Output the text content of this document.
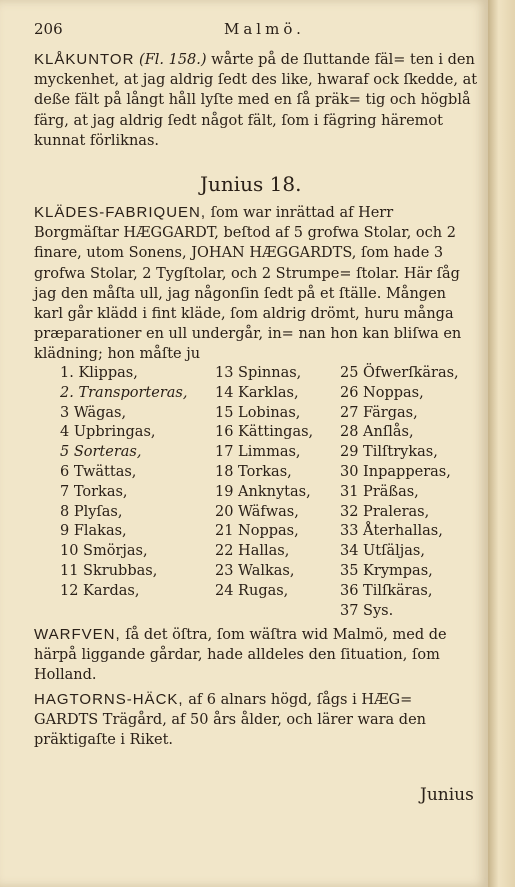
206	Malmö.
KLÅKUNTOR (Fl. 158.) wårte på de ſluttande fäl= ten i den myckenhet, at jag aldrig ſedt des like, hwaraf ock ſkedde, at deße fält på långt håll lyſte med en ſå präk= tig och högblå färg, at jag aldrig ſedt något fält, ſom i fägring häremot kunnat förliknas.
Junius 18.
KLÄDES-FABRIQUEN, ſom war inrättad af Herr Borgmäſtar HÆGGARDT, beſtod af 5 grofwa Stolar, och 2 finare, utom Sonens, JOHAN HÆGGARDTS, ſom hade 3 grofwa Stolar, 2 Tygſtolar, och 2 Strumpe= ſtolar. Här ſåg jag den måſta ull, jag någonſin ſedt på et ſtälle. Mången karl går klädd i fint kläde, ſom aldrig drömt, huru många præparationer en ull undergår, in= nan hon kan bliſwa en klädning; hon måſte ju
1. Klippas,	13 Spinnas,	25 Öfwerſkäras,
2. Transporteras, 14 Karklas,	26 Noppas,
3 Wägas,	15 Lobinas,	27 Färgas,
4 Upbringas,	16 Kättingas, 28 Anſlås,
5 Sorteras,	17 Limmas,	29 Tilſtrykas,
6 Twättas,	18 Torkas,	30 Inpapperas,
7 Torkas,	19 Anknytas, 31 Präßas,
8 Plyſas,	20 Wäfwas,	32 Praleras,
9 Flakas,	21 Noppas,	33 Återhallas,
10 Smörjas,	22 Hallas,	34 Utſäljas,
11 Skrubbas,	23 Walkas,	35 Krympas,
12 Kardas,	24 Rugas,	36 Tilſkäras,
37 Sys.
WARFVEN, ſå det öſtra, ſom wäſtra wid Malmö, med de härpå liggande gårdar, hade alldeles den ſituation, ſom Holland.
HAGTORNS-HÄCK, af 6 alnars högd, ſågs i HÆG= GARDTS Trägård, af 50 års ålder, och lärer wara den präktigaſte i Riket.
Junius
